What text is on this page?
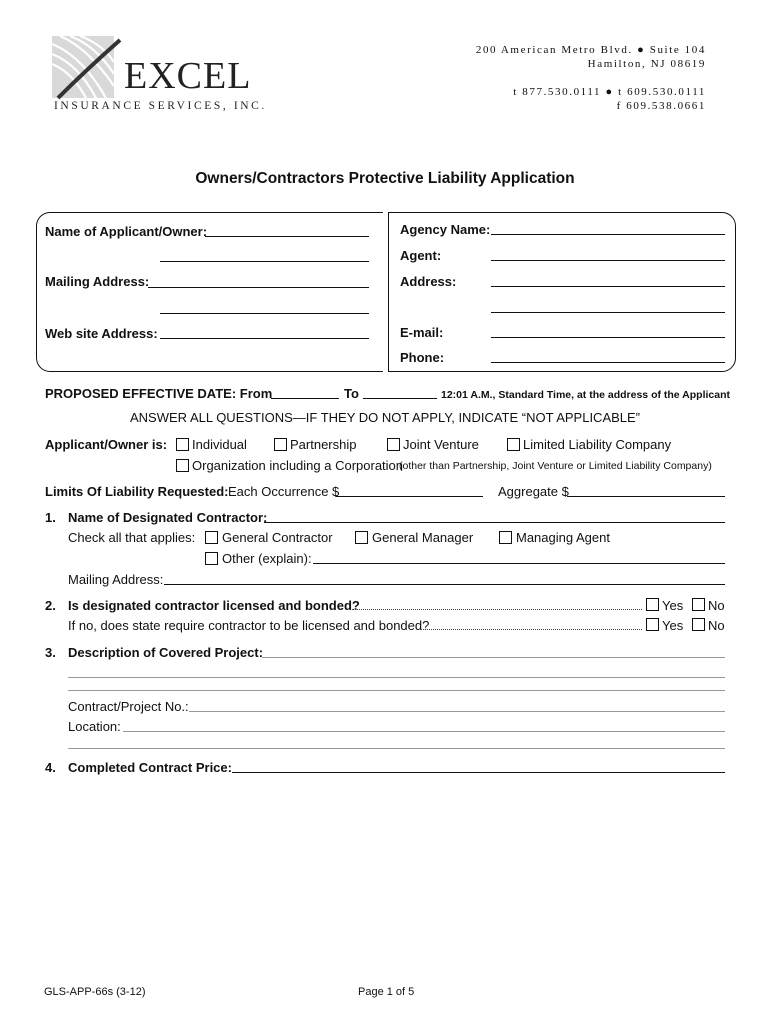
EXCEL
INSURANCE SERVICES, INC.
200 American Metro Blvd. ● Suite 104
Hamilton, NJ 08619
t 877.530.0111 ● t 609.530.0111
f 609.538.0661
Owners/Contractors Protective Liability Application
Name of Applicant/Owner:
Mailing Address:
Web site Address:
Agency Name:
Agent:
Address:
E-mail:
Phone:
PROPOSED EFFECTIVE DATE: From	To	12:01 A.M., Standard Time, at the address of the Applicant
ANSWER ALL QUESTIONS—IF THEY DO NOT APPLY, INDICATE “NOT APPLICABLE”
Applicant/Owner is: Individual	Partnership	Joint Venture	Limited Liability Company
Organization including a Corporation
(other than Partnership, Joint Venture or Limited Liability Company)
Limits Of Liability Requested: Each Occurrence $	Aggregate $
1. Name of Designated Contractor:
Check all that applies: General Contractor	General Manager	Managing Agent
Other (explain):
Mailing Address:
2. Is designated contractor licensed and bonded?	Yes No
If no, does state require contractor to be licensed and bonded?	Yes No
3. Description of Covered Project:
Contract/Project No.:
Location:
4. Completed Contract Price:
GLS-APP-66s (3-12)	Page 1 of 5
